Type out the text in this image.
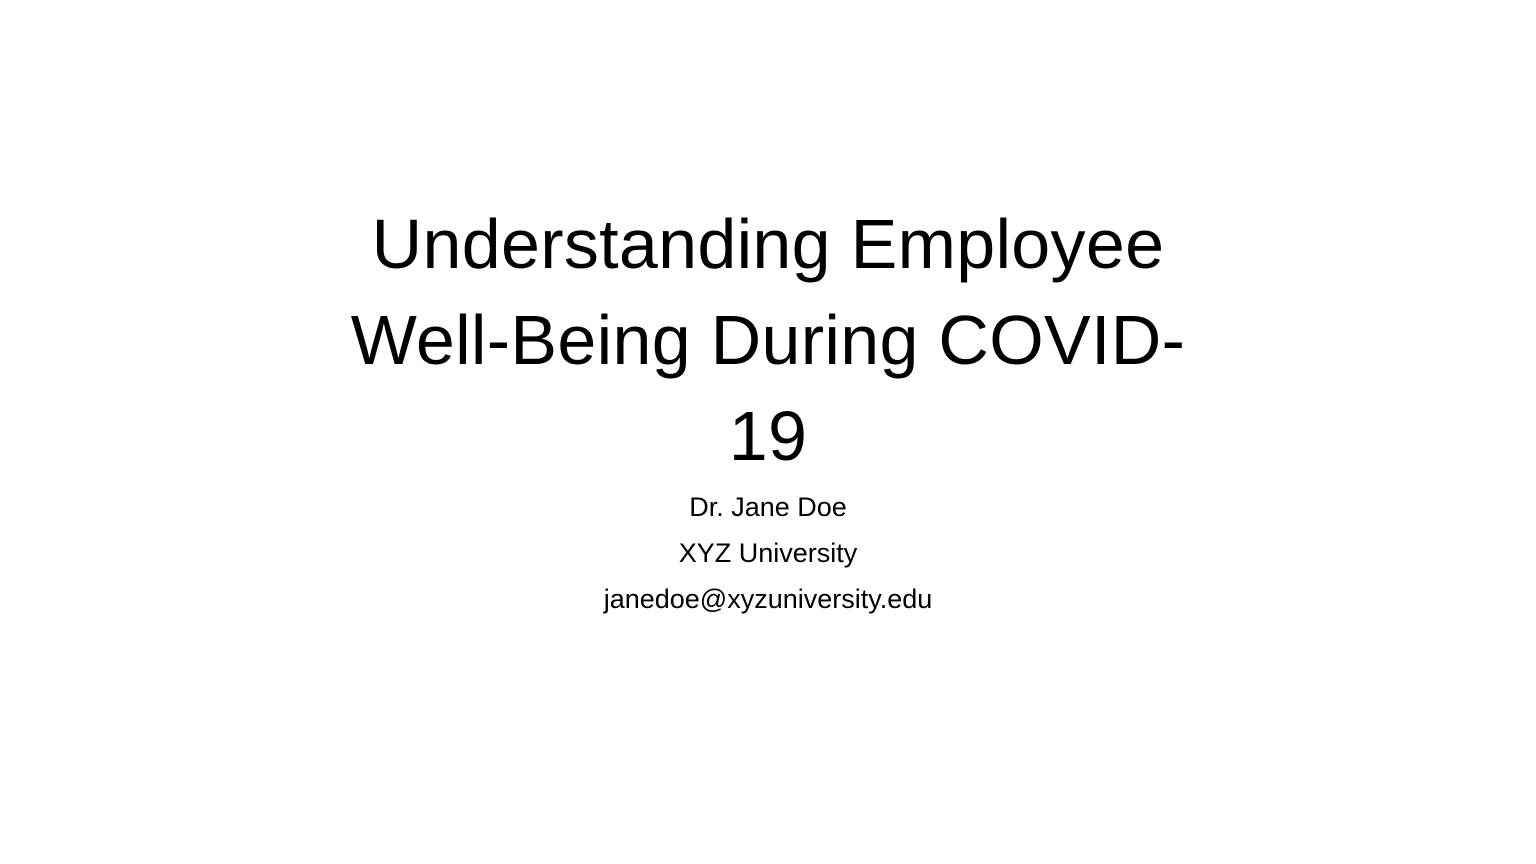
Understanding Employee
Well-Being During COVID-
19
Dr. Jane Doe
XYZ University
janedoe@xyzuniversity.edu
